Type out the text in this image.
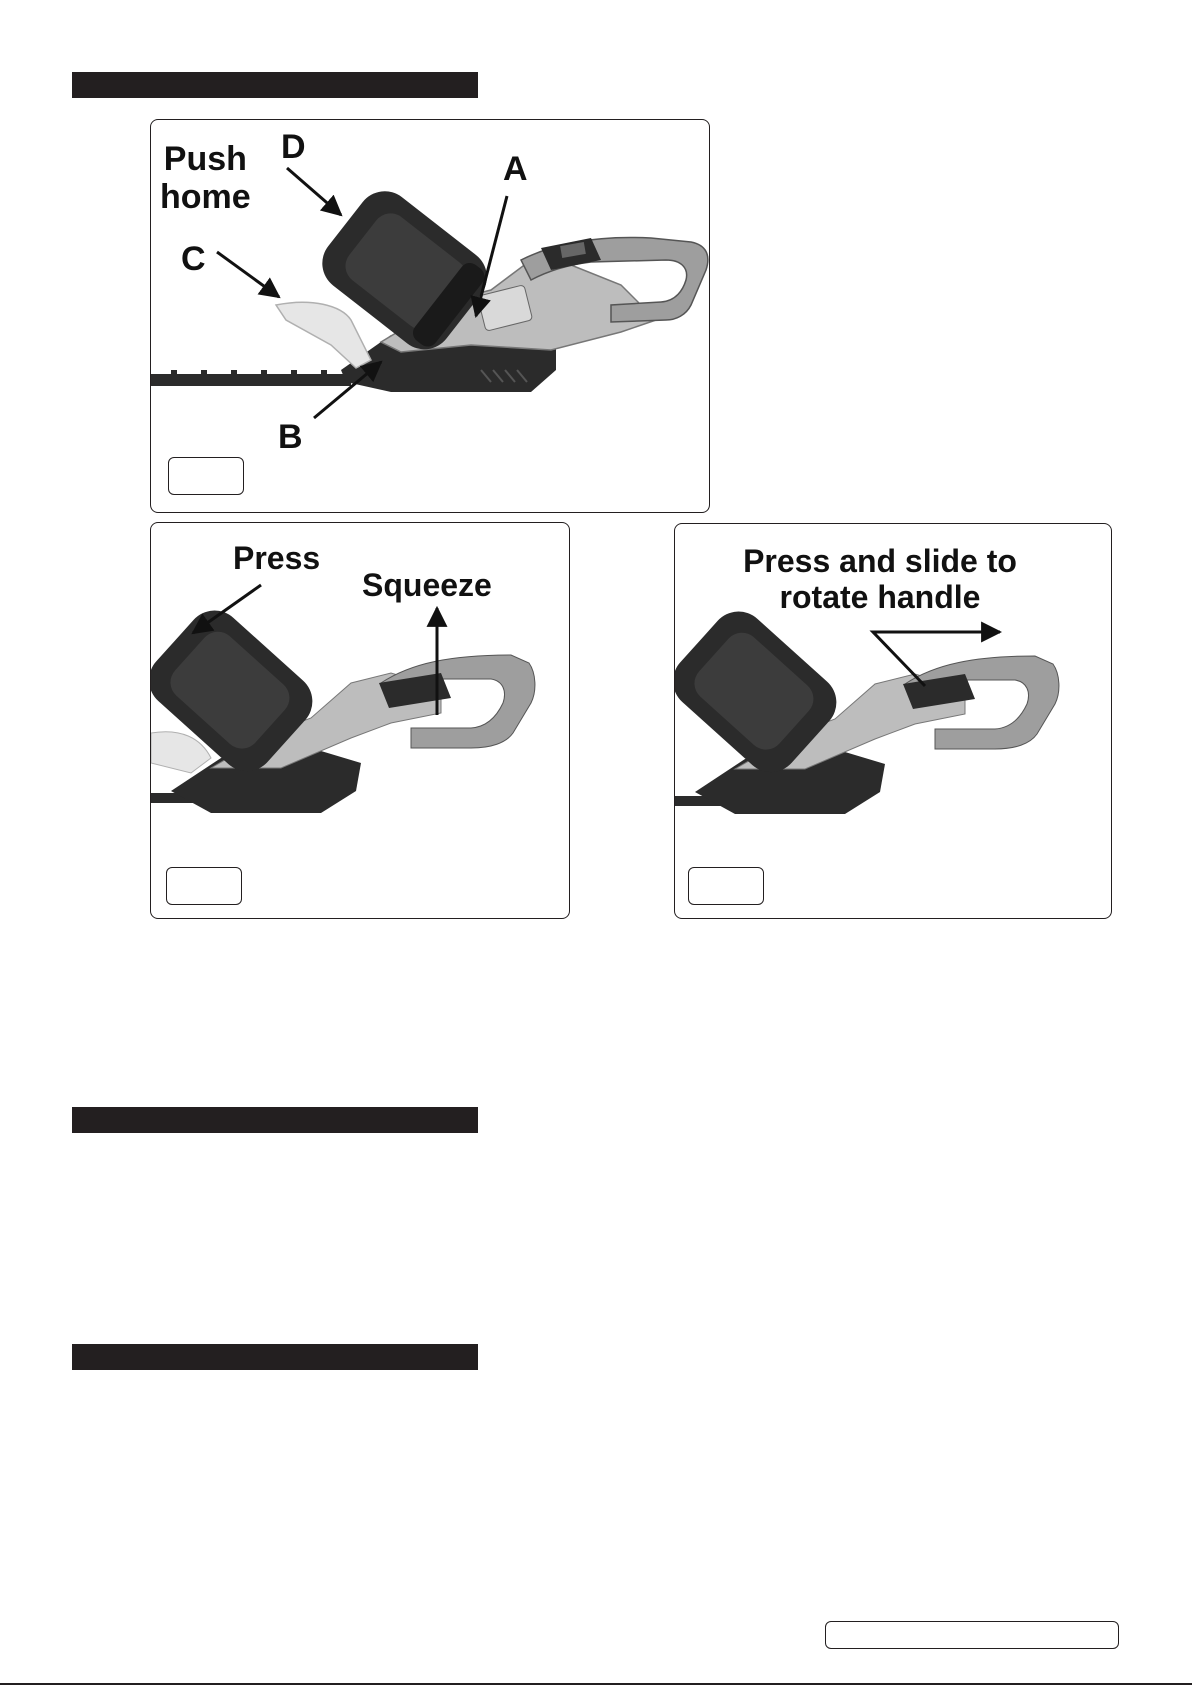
Push
home
D
A
C
B
Press
Squeeze
Press and slide to
rotate handle
